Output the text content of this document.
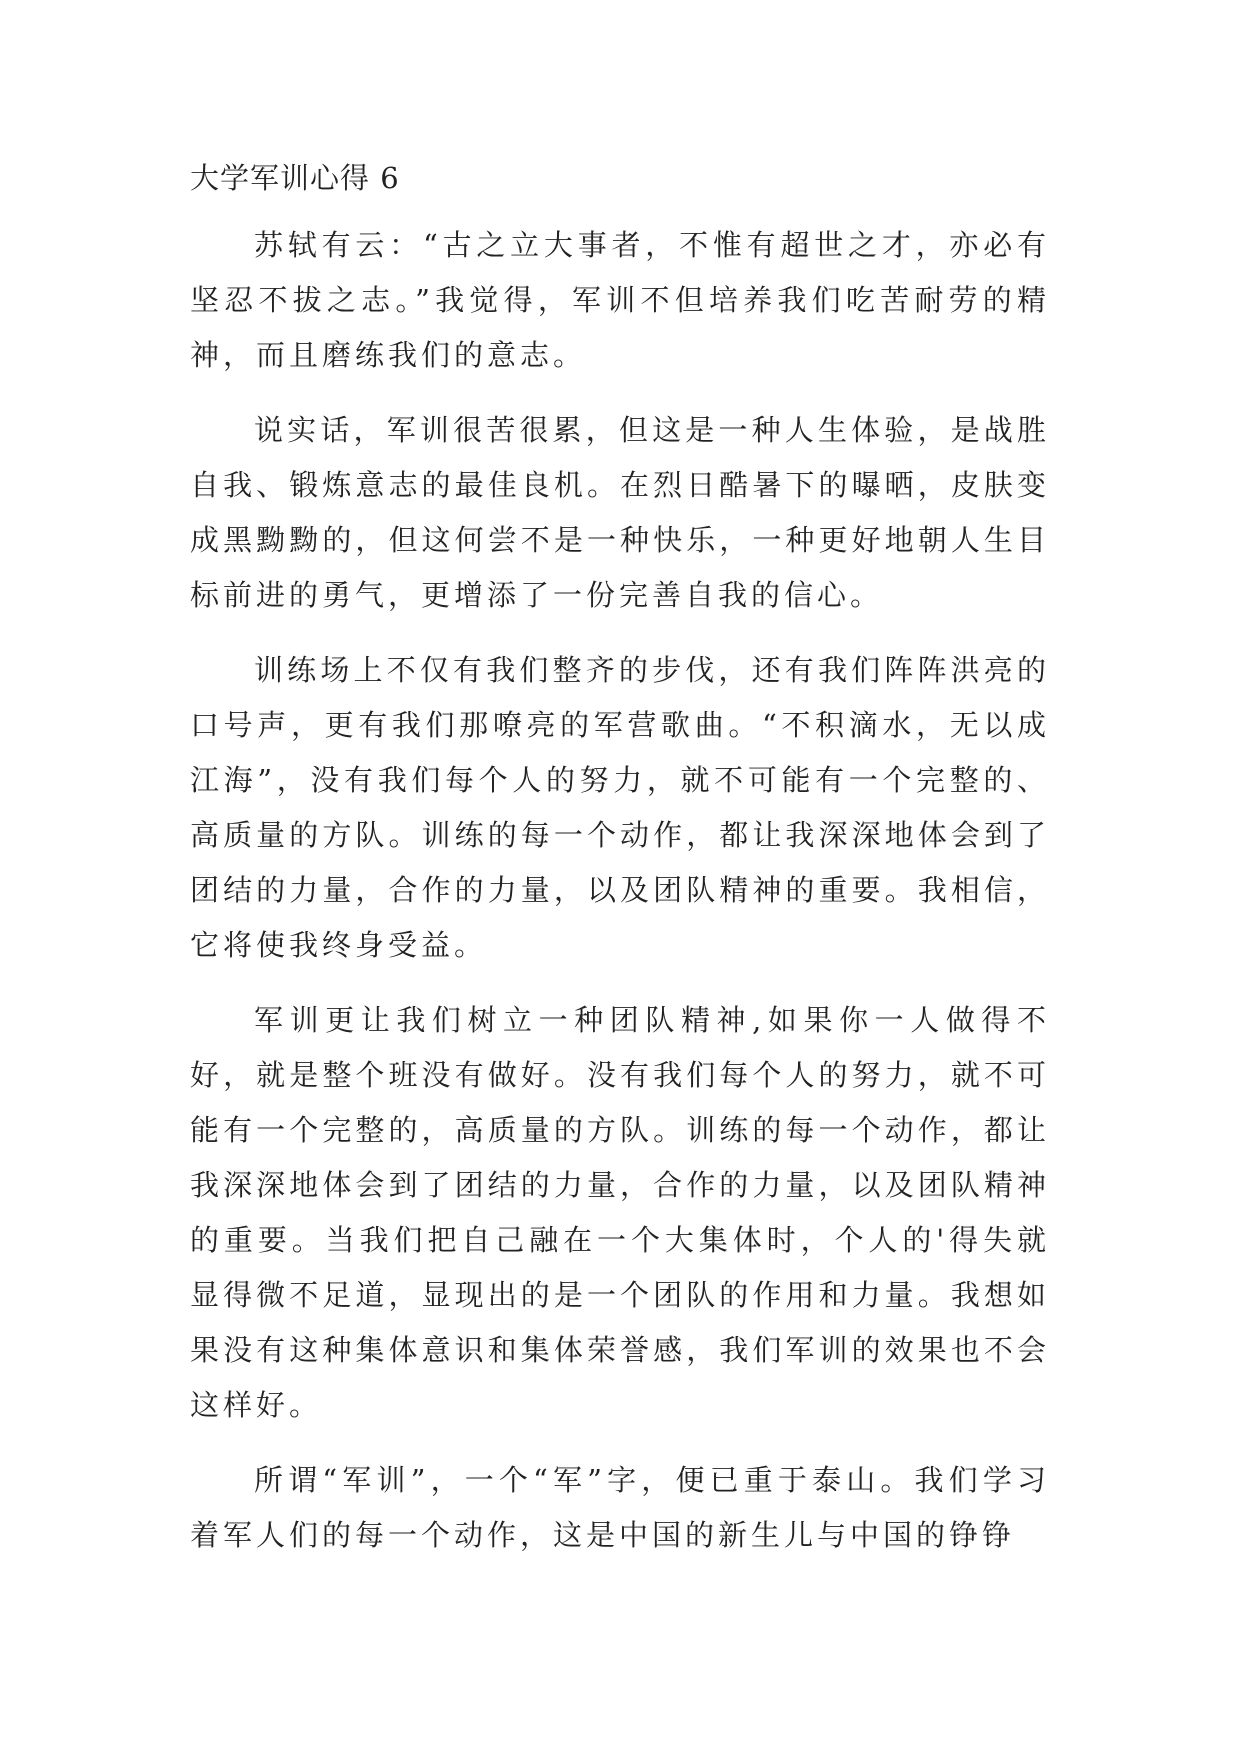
大学军训心得 6

苏轼有云：“古之立大事者，不惟有超世之才，亦必有坚忍不拔之志。”我觉得，军训不但培养我们吃苦耐劳的精神，而且磨练我们的意志。

说实话，军训很苦很累，但这是一种人生体验，是战胜自我、锻炼意志的最佳良机。在烈日酷暑下的曝晒，皮肤变成黑黝黝的，但这何尝不是一种快乐，一种更好地朝人生目标前进的勇气，更增添了一份完善自我的信心。

训练场上不仅有我们整齐的步伐，还有我们阵阵洪亮的口号声，更有我们那嘹亮的军营歌曲。“不积滴水，无以成江海”，没有我们每个人的努力，就不可能有一个完整的、高质量的方队。训练的每一个动作，都让我深深地体会到了团结的力量，合作的力量，以及团队精神的重要。我相信，它将使我终身受益。

军训更让我们树立一种团队精神,如果你一人做得不好，就是整个班没有做好。没有我们每个人的努力，就不可能有一个完整的，高质量的方队。训练的每一个动作，都让我深深地体会到了团结的力量，合作的力量，以及团队精神的重要。当我们把自己融在一个大集体时，个人的'得失就显得微不足道，显现出的是一个团队的作用和力量。我想如果没有这种集体意识和集体荣誉感，我们军训的效果也不会这样好。

所谓“军训”，一个“军”字，便已重于泰山。我们学习着军人们的每一个动作，这是中国的新生儿与中国的铮铮
